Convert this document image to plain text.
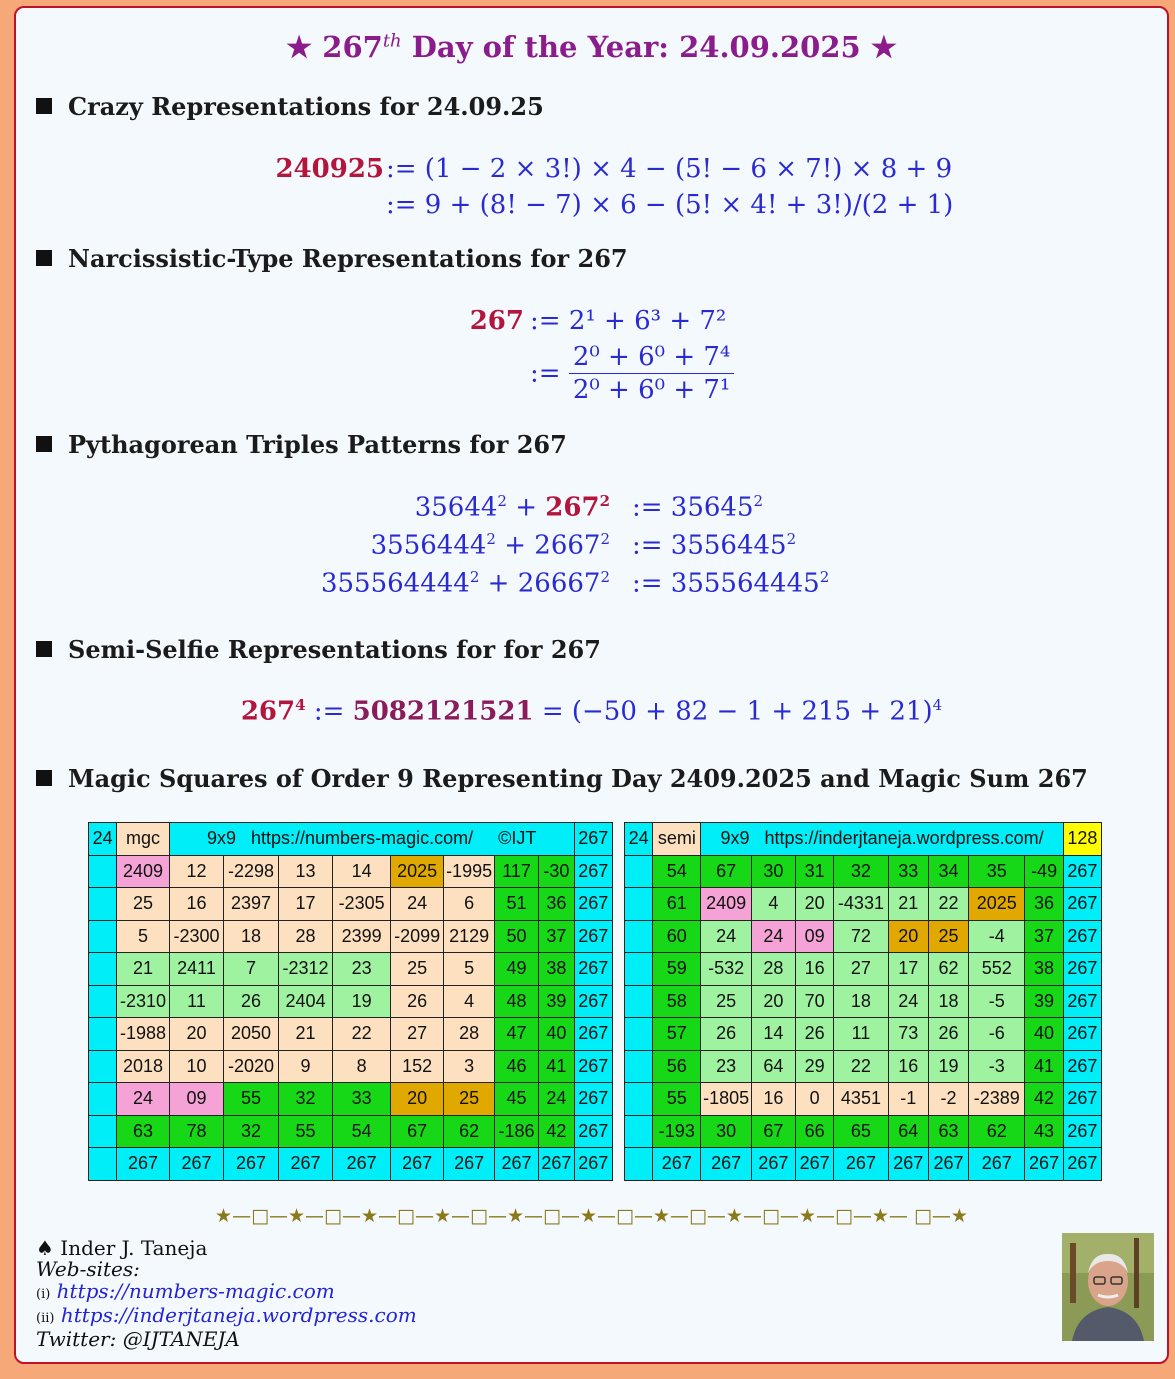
★ 267th Day of the Year: 24.09.2025 ★
Crazy Representations for 24.09.25
240925 := (1 − 2 × 3!) × 4 − (5! − 6 × 7!) × 8 + 9
:= 9 + (8! − 7) × 6 − (5! × 4! + 3!)/(2 + 1)
Narcissistic-Type Representations for 267
267 := 2¹ + 6³ + 7²
:= $\frac{\text{2⁰ + 6⁰ + 7⁴}}{\text{2⁰ + 6⁰ + 7¹}}$
Pythagorean Triples Patterns for 267
$35644^2 + 267^2$ := $35645^2$
$3556444^2 + 2667^2$ := $3556445^2$
$355564444^2 + 26667^2$ := $355564445^2$
Semi-Selfie Representations for for 267
$267^4$ := $5082121521 = (-50 + 82 - 1 + 215 + 21)^4$
Magic Squares of Order 9 Representing Day 2409.2025 and Magic Sum 267
24	mgc	9x9   https://numbers-magic.com/     ©IJT								267
	2409	12	-2298	13	14	2025	-1995	117	-30	267
	25	16	2397	17	-2305	24	6	51	36	267
	5	-2300	18	28	2399	-2099	2129	50	37	267
	21	2411	7	-2312	23	25	5	49	38	267
	-2310	11	26	2404	19	26	4	48	39	267
	-1988	20	2050	21	22	27	28	47	40	267
	2018	10	-2020	9	8	152	3	46	41	267
	24	09	55	32	33	20	25	45	24	267
	63	78	32	55	54	67	62	-186	42	267
	267	267	267	267	267	267	267	267	267	267
24	semi	9x9   https://inderjtaneja.wordpress.com/								128
	54	67	30	31	32	33	34	35	-49	267
	61	2409	4	20	-4331	21	22	2025	36	267
	60	24	24	09	72	20	25	-4	37	267
	59	-532	28	16	27	17	62	552	38	267
	58	25	20	70	18	24	18	-5	39	267
	57	26	14	26	11	73	26	-6	40	267
	56	23	64	29	22	16	19	-3	41	267
	55	-1805	16	0	4351	-1	-2	-2389	42	267
	-193	30	67	66	65	64	63	62	43	267
	267	267	267	267	267	267	267	267	267	267
★—□—★—□—★—□—★—□—★—□—★—□—★—□—★—□—★—□—★— □—★
♠ Inder J. Taneja
Web-sites:
(i) https://numbers-magic.com
(ii) https://inderjtaneja.wordpress.com
Twitter: @IJTANEJA
